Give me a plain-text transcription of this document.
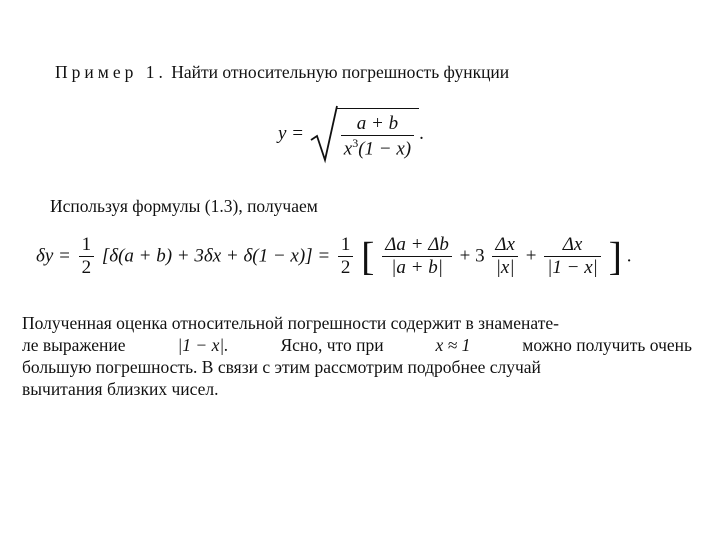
Пример 1. Найти относительную погрешность функции
$y = \frac{a + b}{x^3(1 - x)}$ .
Используя формулы (1.3), получаем
$\delta y = \frac{1}{2} [\delta(a + b) + 3\delta x + \delta(1 - x)] = \frac{1}{2}$ [ $\frac{\Delta a + \Delta b}{|a + b|} + 3 \frac{\Delta x}{|x|} + \frac{\Delta x}{|1 - x|}$ ] .
Полученная оценка относительной погрешности содержит в знаменате-
ле выражение	|1 − x|.	Ясно, что при	x ≈ 1	можно получить очень
большую погрешность. В связи с этим рассмотрим подробнее случай
вычитания близких чисел.
